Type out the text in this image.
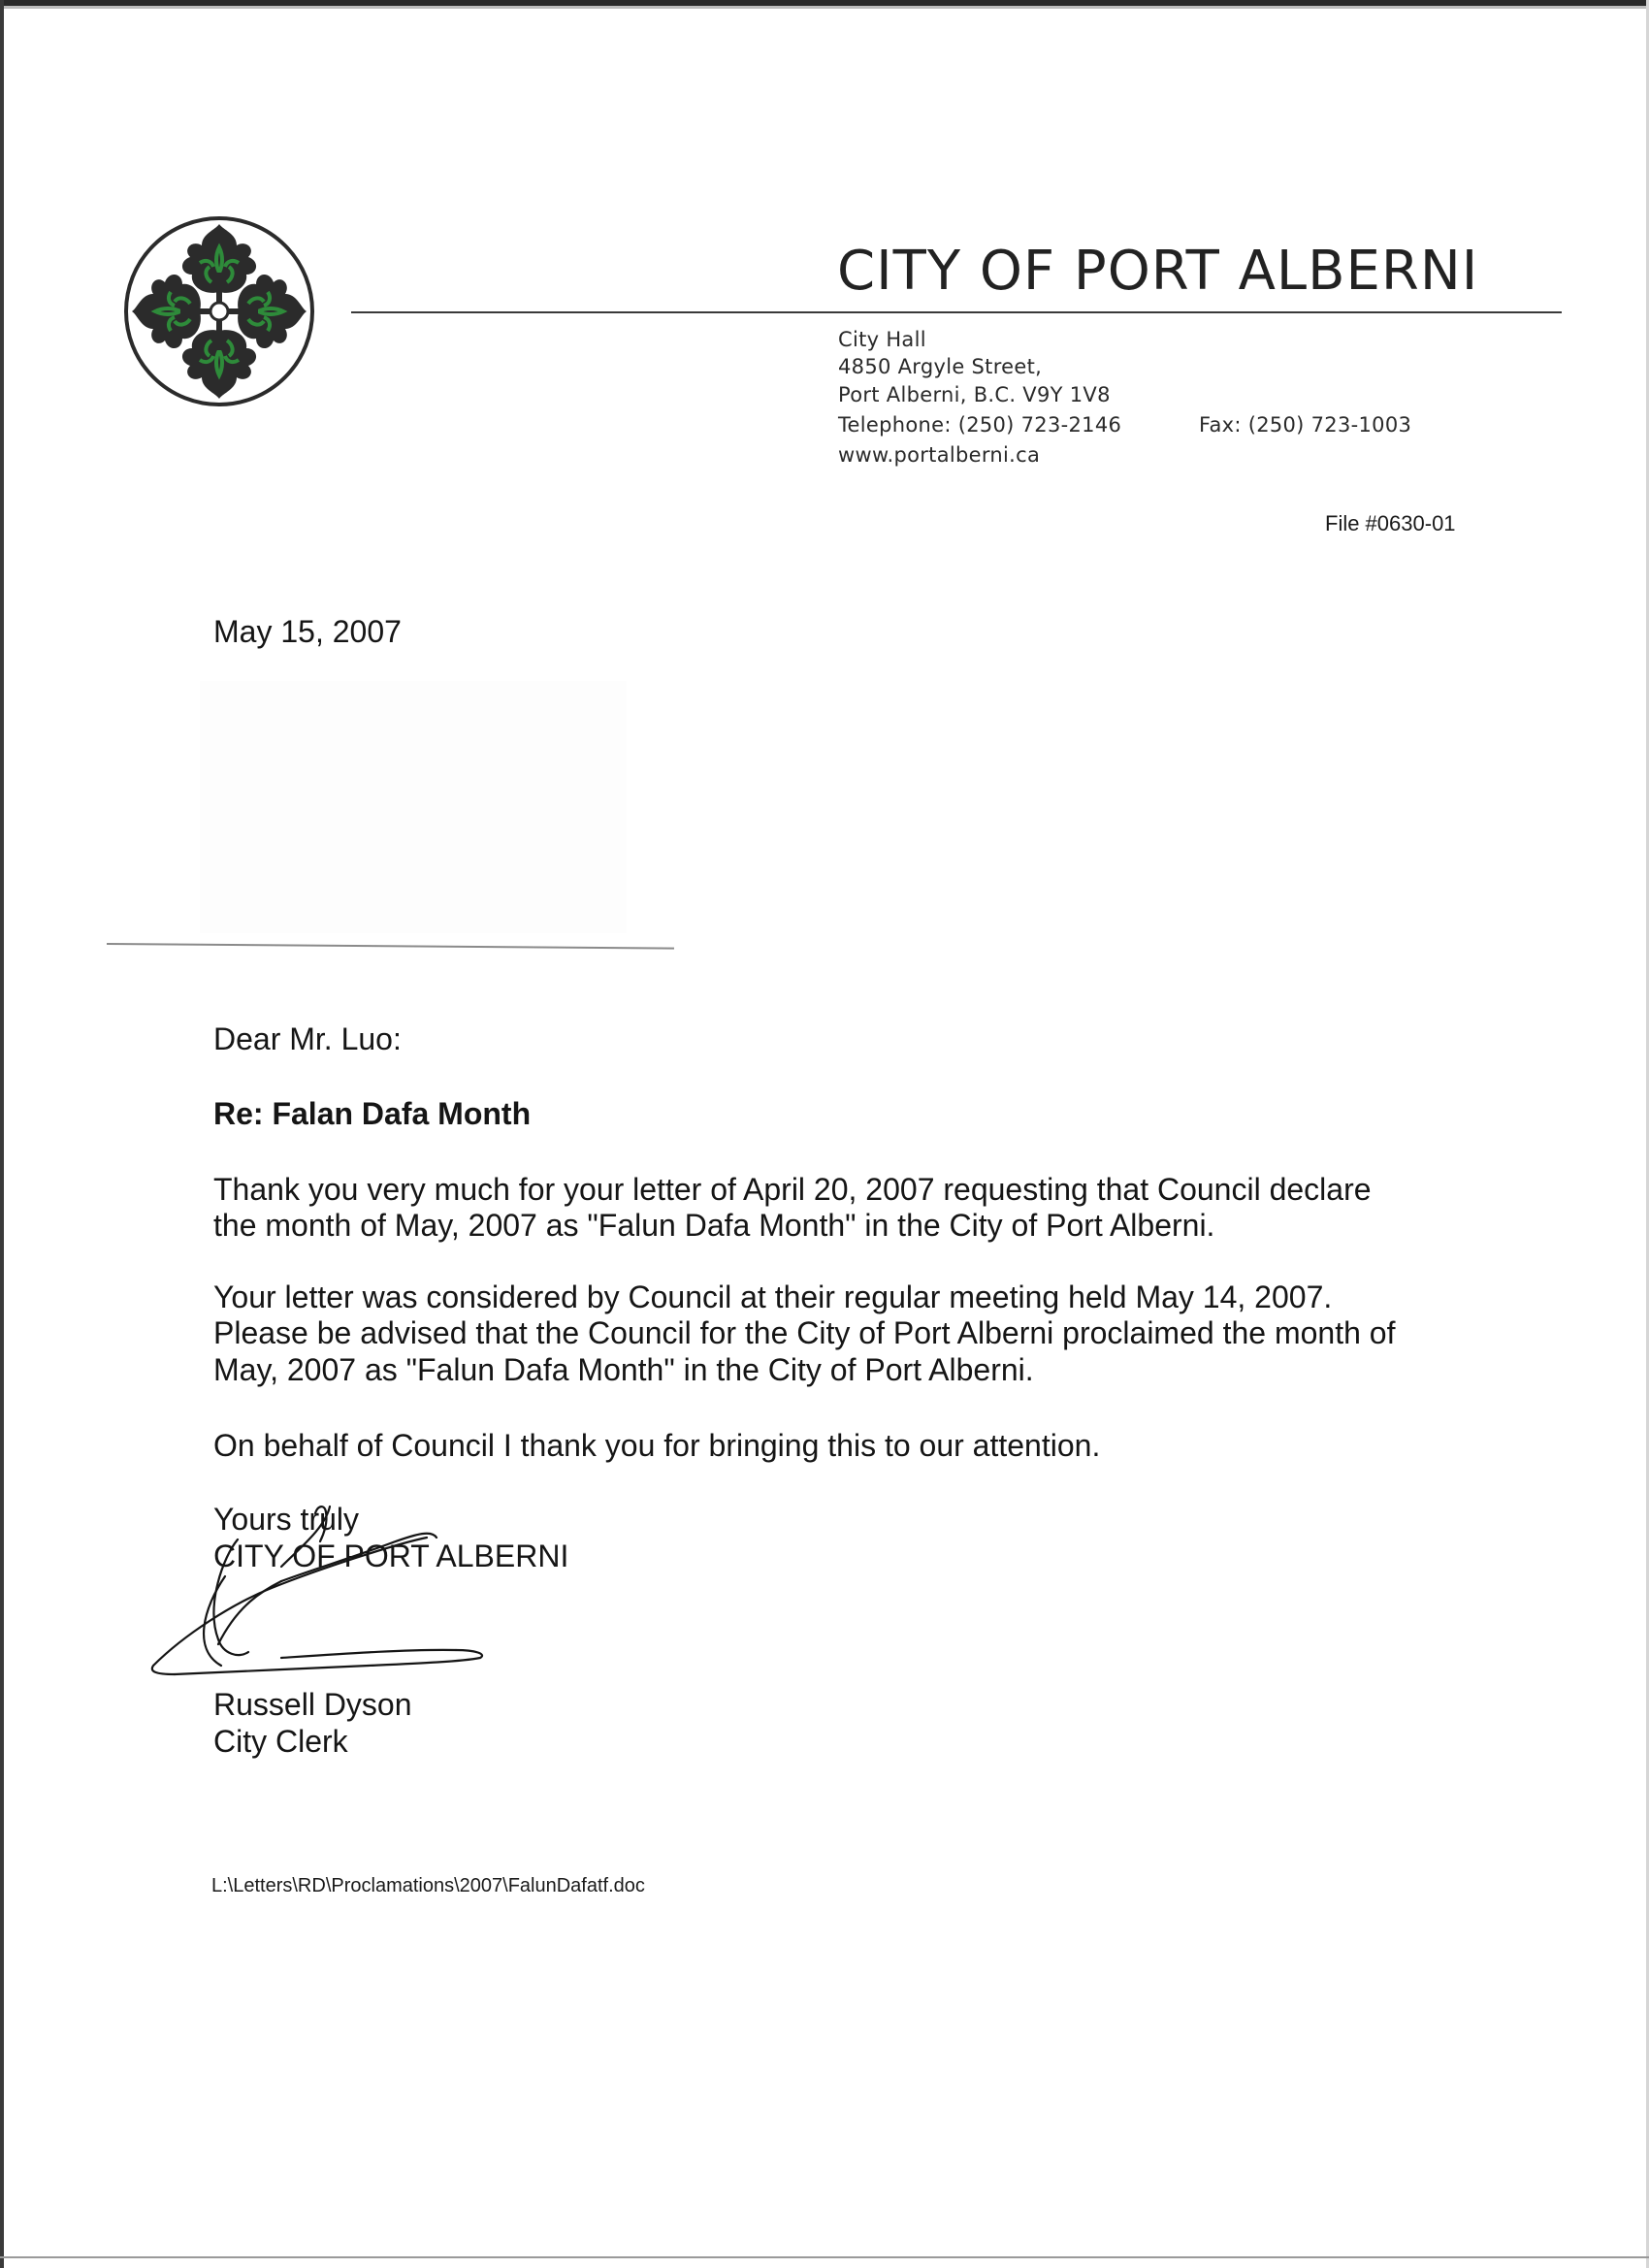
CITY OF PORT ALBERNI
City Hall
4850 Argyle Street,
Port Alberni, B.C. V9Y 1V8
Telephone: (250) 723-2146	Fax: (250) 723-1003
www.portalberni.ca
File #0630-01
May 15, 2007
Dear Mr. Luo:
Re: Falan Dafa Month
Thank you very much for your letter of April 20, 2007 requesting that Council declare
the month of May, 2007 as "Falun Dafa Month" in the City of Port Alberni.
Your letter was considered by Council at their regular meeting held May 14, 2007.
Please be advised that the Council for the City of Port Alberni proclaimed the month of
May, 2007 as "Falun Dafa Month" in the City of Port Alberni.
On behalf of Council I thank you for bringing this to our attention.
Yours truly
CITY OF PORT ALBERNI
Russell Dyson
City Clerk
L:\Letters\RD\Proclamations\2007\FalunDafatf.doc
